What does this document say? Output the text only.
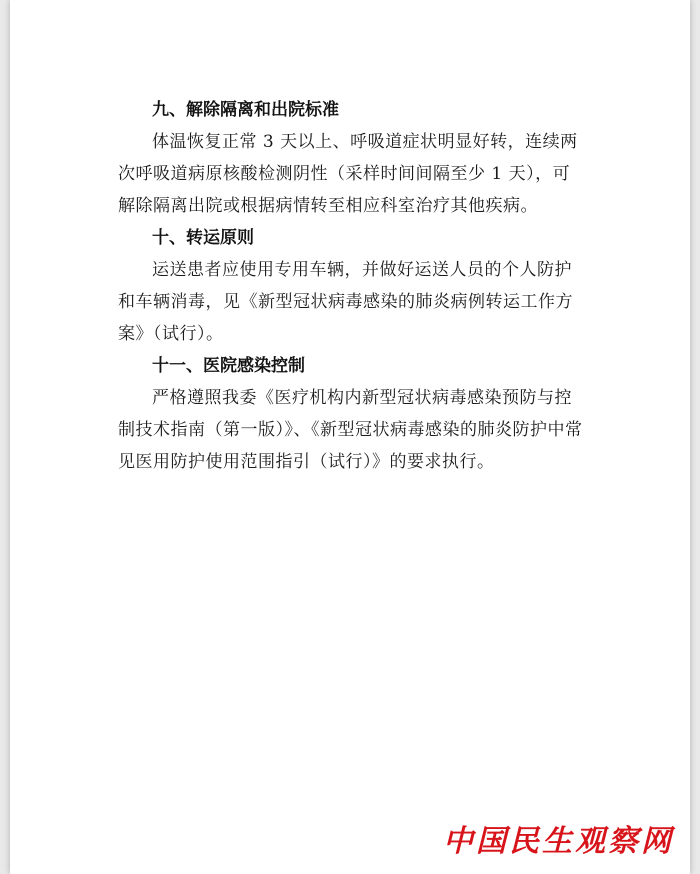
九、解除隔离和出院标准

体温恢复正常 3 天以上、呼吸道症状明显好转，连续两
次呼吸道病原核酸检测阴性（采样时间间隔至少 1 天），可
解除隔离出院或根据病情转至相应科室治疗其他疾病。

十、转运原则

运送患者应使用专用车辆，并做好运送人员的个人防护
和车辆消毒，见《新型冠状病毒感染的肺炎病例转运工作方
案》（试行）。

十一、医院感染控制

严格遵照我委《医疗机构内新型冠状病毒感染预防与控
制技术指南（第一版）》、《新型冠状病毒感染的肺炎防护中常
见医用防护使用范围指引（试行）》的要求执行。

中国民生观察网
